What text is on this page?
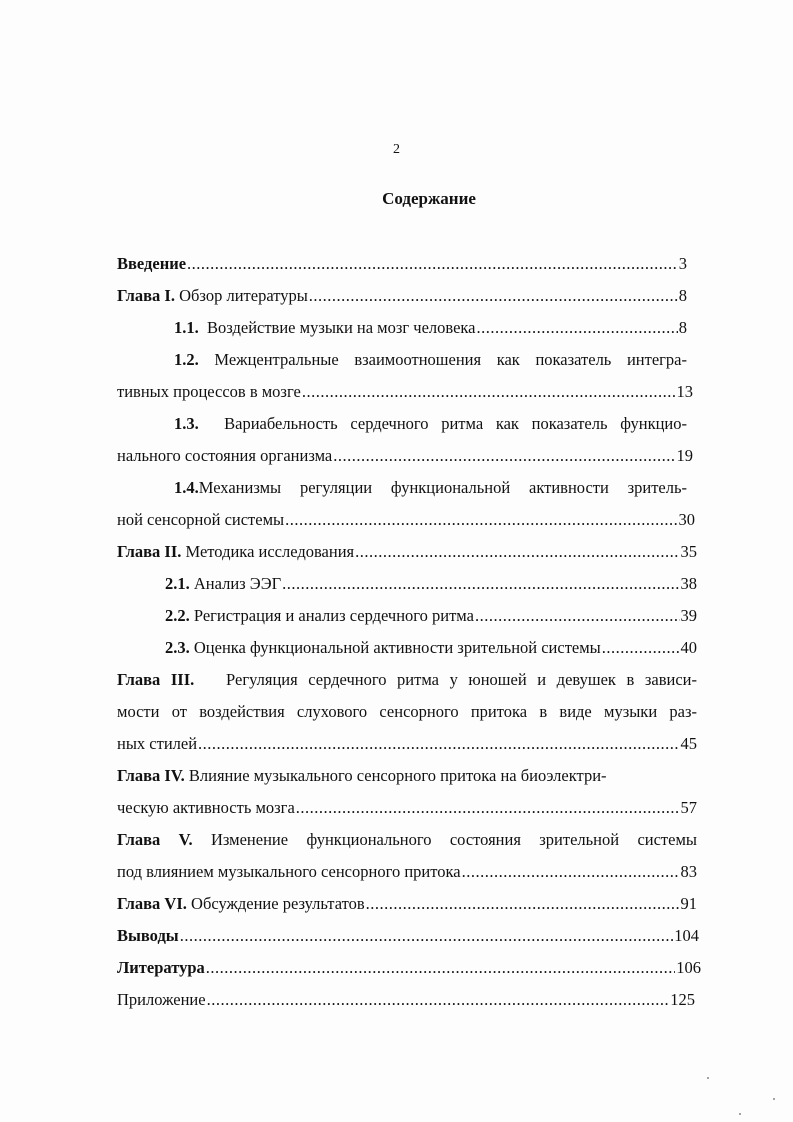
2
Содержание
Введение .....	3
Глава I. Обзор литературы .....	8
1.1. Воздействие музыки на мозг человека .....	8
1.2. Межцентральные взаимоотношения как показатель интегра-
тивных процессов в мозге .....	13
1.3. Вариабельность сердечного ритма как показатель функцио-
нального состояния организма .....	19
1.4.Механизмы регуляции функциональной активности зритель-
ной сенсорной системы .....	30
Глава II. Методика исследования .....	35
2.1. Анализ ЭЭГ .....	38
2.2. Регистрация и анализ сердечного ритма .....	39
2.3. Оценка функциональной активности зрительной системы .....	40
Глава III. Регуляция сердечного ритма у юношей и девушек в зависи-
мости от воздействия слухового сенсорного притока в виде музыки раз-
ных стилей .....	45
Глава IV. Влияние музыкального сенсорного притока на биоэлектри-
ческую активность мозга .....	57
Глава V. Изменение функционального состояния зрительной системы
под влиянием музыкального сенсорного притока .....	83
Глава VI. Обсуждение результатов .....	91
Выводы .....	104
Литература .....	106
Приложение .....	125
